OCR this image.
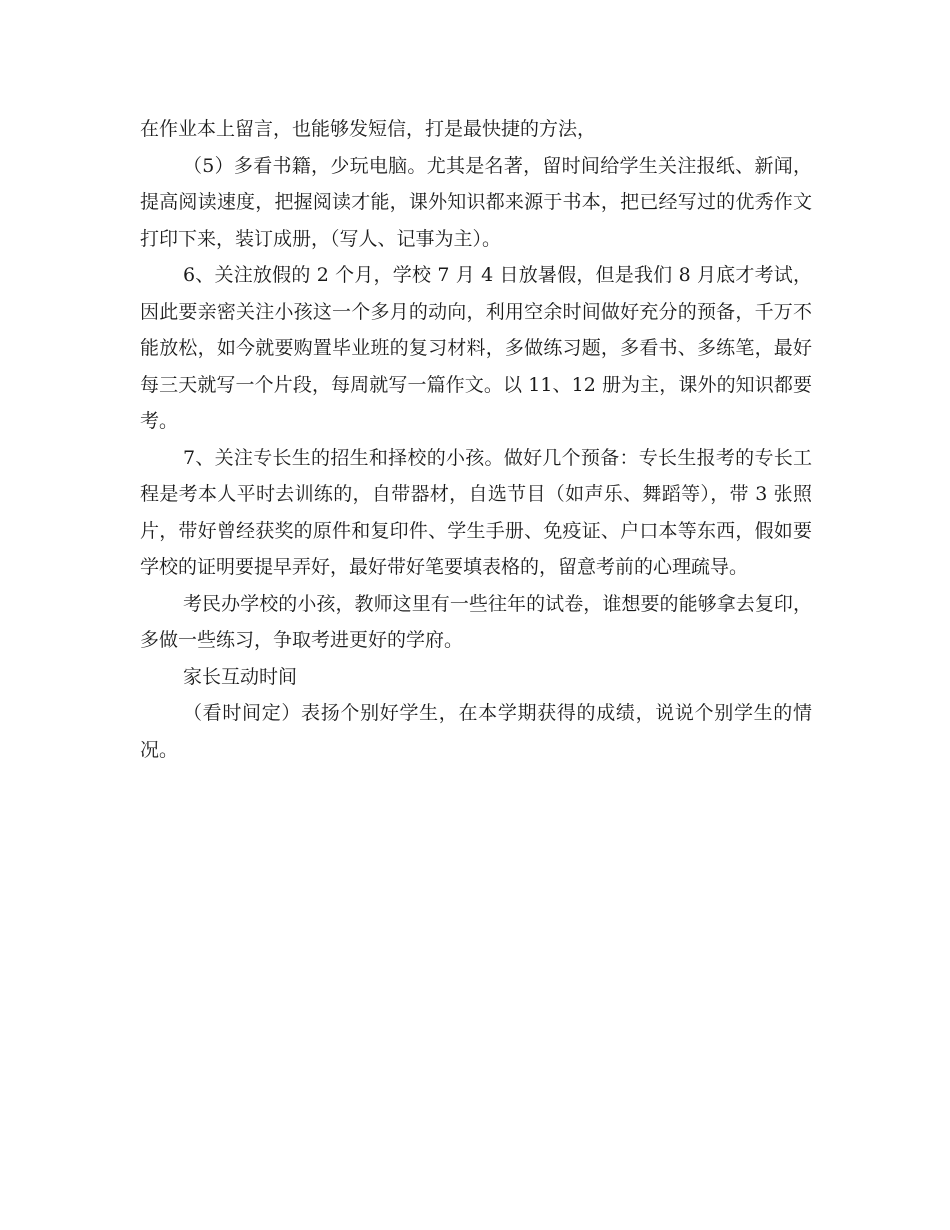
在作业本上留言，也能够发短信，打是最快捷的方法，

（5）多看书籍，少玩电脑。尤其是名著，留时间给学生关注报纸、新闻，提高阅读速度，把握阅读才能，课外知识都来源于书本，把已经写过的优秀作文打印下来，装订成册，（写人、记事为主）。

6、关注放假的 2 个月，学校 7 月 4 日放暑假，但是我们 8 月底才考试，因此要亲密关注小孩这一个多月的动向，利用空余时间做好充分的预备，千万不能放松，如今就要购置毕业班的复习材料，多做练习题，多看书、多练笔，最好每三天就写一个片段，每周就写一篇作文。以 11、12 册为主，课外的知识都要考。

7、关注专长生的招生和择校的小孩。做好几个预备：专长生报考的专长工程是考本人平时去训练的，自带器材，自选节目（如声乐、舞蹈等），带 3 张照片，带好曾经获奖的原件和复印件、学生手册、免疫证、户口本等东西，假如要学校的证明要提早弄好，最好带好笔要填表格的，留意考前的心理疏导。

考民办学校的小孩，教师这里有一些往年的试卷，谁想要的能够拿去复印，多做一些练习，争取考进更好的学府。

家长互动时间

（看时间定）表扬个别好学生，在本学期获得的成绩，说说个别学生的情况。
